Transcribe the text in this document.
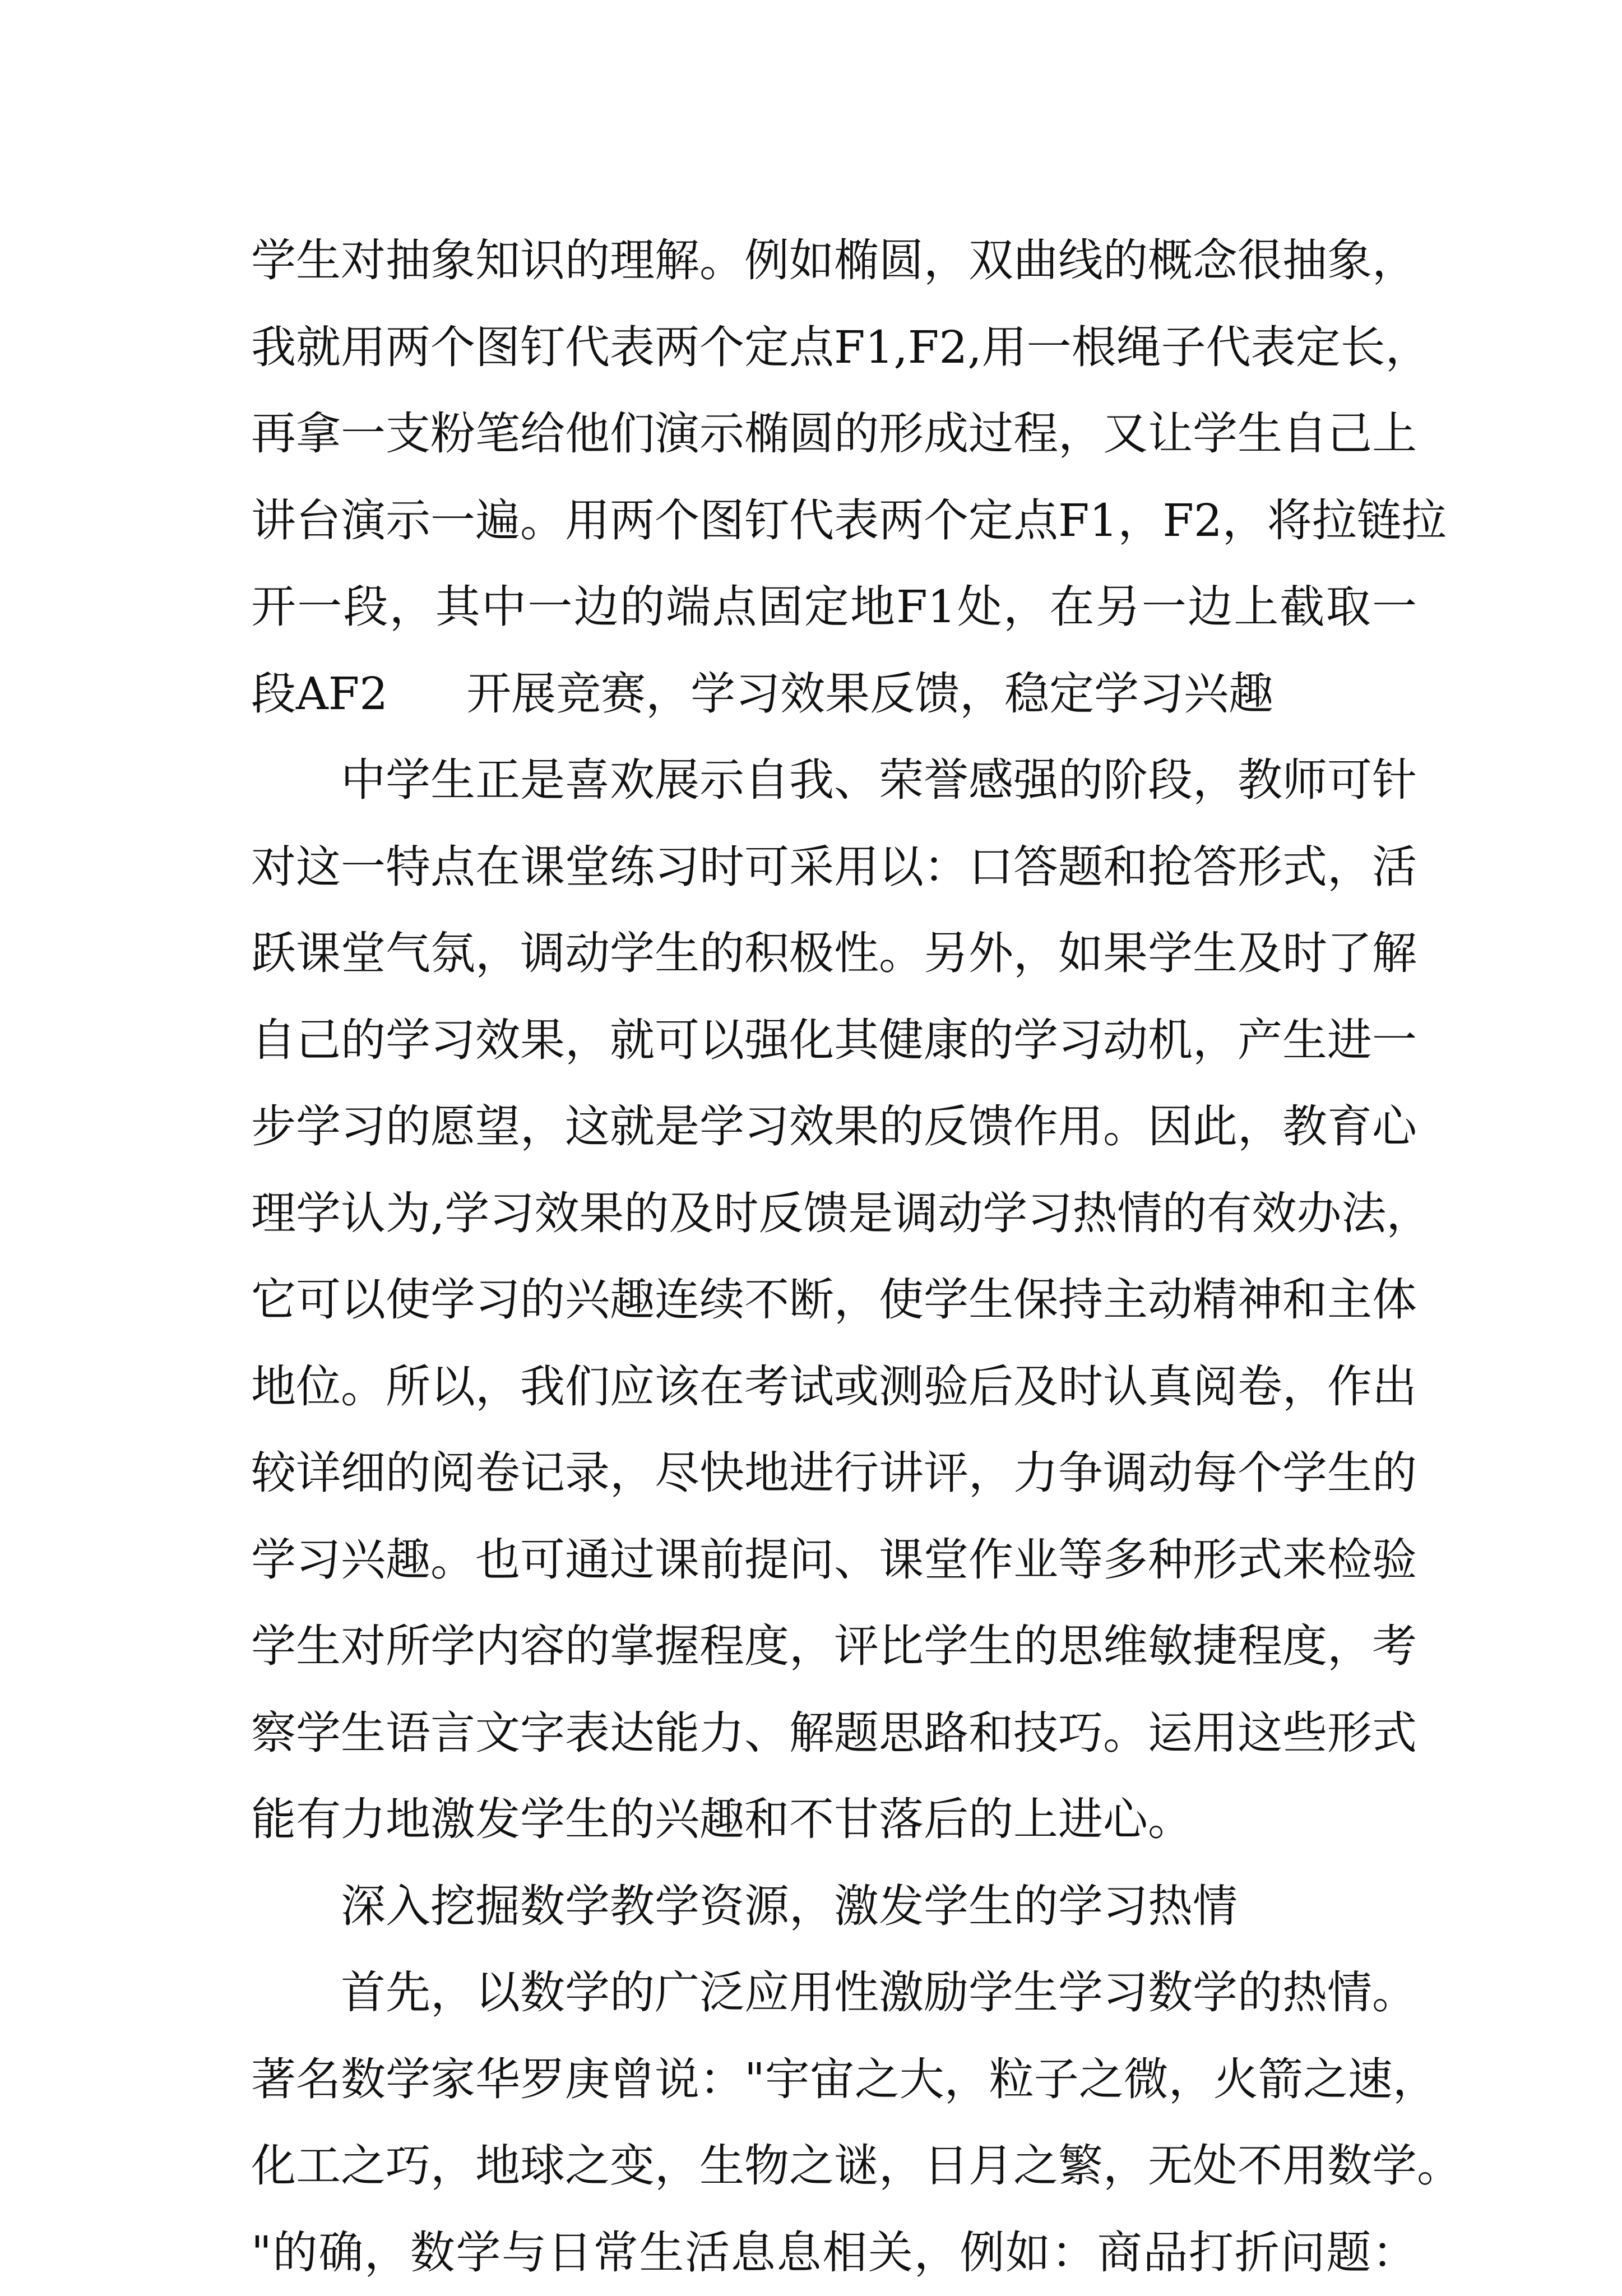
学生对抽象知识的理解。例如椭圆，双曲线的概念很抽象，
我就用两个图钉代表两个定点F1,F2,用一根绳子代表定长，
再拿一支粉笔给他们演示椭圆的形成过程，又让学生自己上
讲台演示一遍。用两个图钉代表两个定点F1，F2，将拉链拉
开一段，其中一边的端点固定地F1处，在另一边上截取一
段AF2 开展竞赛，学习效果反馈，稳定学习兴趣
中学生正是喜欢展示自我、荣誉感强的阶段，教师可针
对这一特点在课堂练习时可采用以：口答题和抢答形式，活
跃课堂气氛，调动学生的积极性。另外，如果学生及时了解
自己的学习效果，就可以强化其健康的学习动机，产生进一
步学习的愿望，这就是学习效果的反馈作用。因此，教育心
理学认为,学习效果的及时反馈是调动学习热情的有效办法，
它可以使学习的兴趣连续不断，使学生保持主动精神和主体
地位。所以，我们应该在考试或测验后及时认真阅卷，作出
较详细的阅卷记录，尽快地进行讲评，力争调动每个学生的
学习兴趣。也可通过课前提问、课堂作业等多种形式来检验
学生对所学内容的掌握程度，评比学生的思维敏捷程度，考
察学生语言文字表达能力、解题思路和技巧。运用这些形式
能有力地激发学生的兴趣和不甘落后的上进心。
深入挖掘数学教学资源，激发学生的学习热情
首先，以数学的广泛应用性激励学生学习数学的热情。
著名数学家华罗庚曾说："宇宙之大，粒子之微，火箭之速，
化工之巧，地球之变，生物之谜，日月之繁，无处不用数学。
"的确，数学与日常生活息息相关，例如：商品打折问题：
